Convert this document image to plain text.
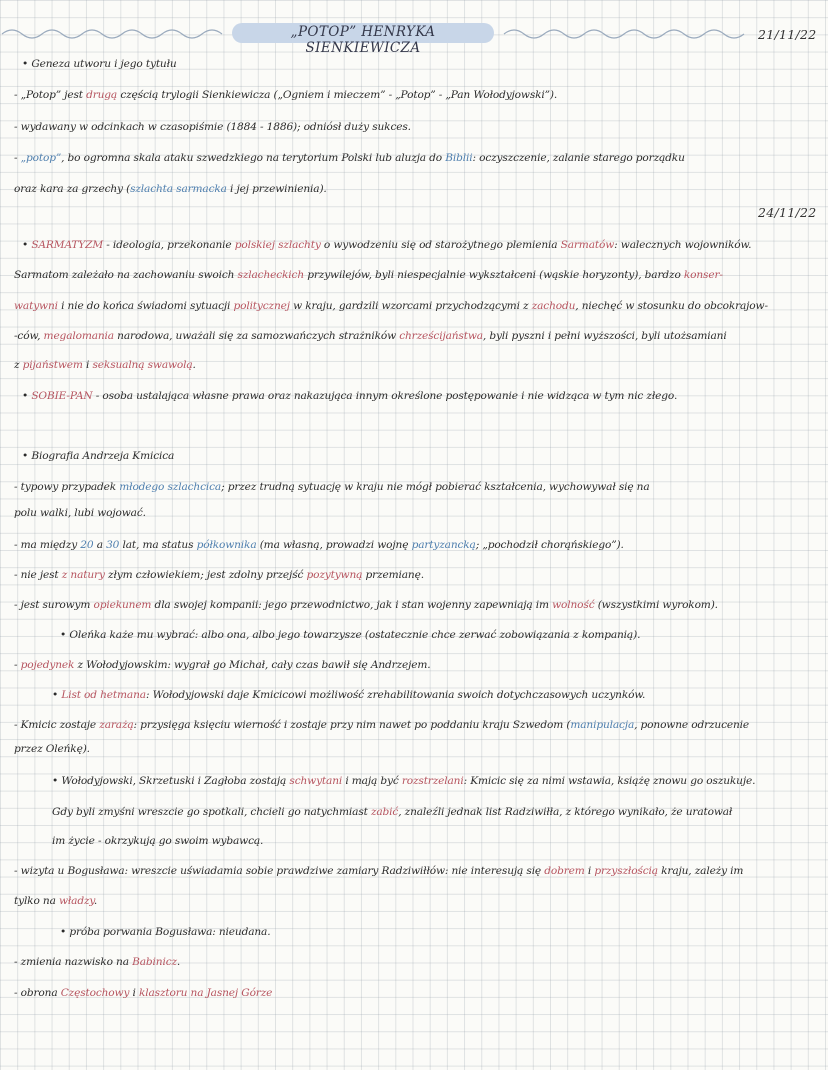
„POTOP” HENRYKA SIENKIEWICZA
21/11/22
• Geneza utworu i jego tytułu
- „Potop” jest drugą częścią trylogii Sienkiewicza („Ogniem i mieczem” - „Potop” - „Pan Wołodyjowski”).
- wydawany w odcinkach w czasopiśmie (1884 - 1886); odniósł duży sukces.
- „potop”, bo ogromna skala ataku szwedzkiego na terytorium Polski lub aluzja do Biblii: oczyszczenie, zalanie starego porządku
oraz kara za grzechy (szlachta sarmacka i jej przewinienia).
24/11/22
• SARMATYZM - ideologia, przekonanie polskiej szlachty o wywodzeniu się od starożytnego plemienia Sarmatów: walecznych wojowników.
Sarmatom zależało na zachowaniu swoich szlacheckich przywilejów, byli niespecjalnie wykształceni (wąskie horyzonty), bardzo konser-
watywni i nie do końca świadomi sytuacji politycznej w kraju, gardzili wzorcami przychodzącymi z zachodu, niechęć w stosunku do obcokrajow-
-ców, megalomania narodowa, uważali się za samozwańczych strażników chrześcijaństwa, byli pyszni i pełni wyższości, byli utożsamiani
z pijaństwem i seksualną swawolą.
• SOBIE-PAN - osoba ustalająca własne prawa oraz nakazująca innym określone postępowanie i nie widząca w tym nic złego.
• Biografia Andrzeja Kmicica
- typowy przypadek młodego szlachcica; przez trudną sytuację w kraju nie mógł pobierać kształcenia, wychowywał się na
polu walki, lubi wojować.
- ma między 20 a 30 lat, ma status półkownika (ma własną, prowadzi wojnę partyzancką; „pochodził chorąńskiego”).
- nie jest z natury złym człowiekiem; jest zdolny przejść pozytywną przemianę.
- jest surowym opiekunem dla swojej kompanii: jego przewodnictwo, jak i stan wojenny zapewniają im wolność (wszystkimi wyrokom).
• Oleńka każe mu wybrać: albo ona, albo jego towarzysze (ostatecznie chce zerwać zobowiązania z kompanią).
- pojedynek z Wołodyjowskim: wygrał go Michał, cały czas bawił się Andrzejem.
• List od hetmana: Wołodyjowski daje Kmicicowi możliwość zrehabilitowania swoich dotychczasowych uczynków.
- Kmicic zostaje zarażą: przysięga księciu wierność i zostaje przy nim nawet po poddaniu kraju Szwedom (manipulacja, ponowne odrzucenie
przez Oleńkę).
• Wołodyjowski, Skrzetuski i Zagłoba zostają schwytani i mają być rozstrzelani: Kmicic się za nimi wstawia, książę znowu go oszukuje.
Gdy byli zmyśni wreszcie go spotkali, chcieli go natychmiast zabić, znaleźli jednak list Radziwiłła, z którego wynikało, że uratował
im życie - okrzykują go swoim wybawcą.
- wizyta u Bogusława: wreszcie uświadamia sobie prawdziwe zamiary Radziwiłłów: nie interesują się dobrem i przyszłością kraju, zależy im
tylko na władzy.
• próba porwania Bogusława: nieudana.
- zmienia nazwisko na Babinicz.
- obrona Częstochowy i klasztoru na Jasnej Górze
